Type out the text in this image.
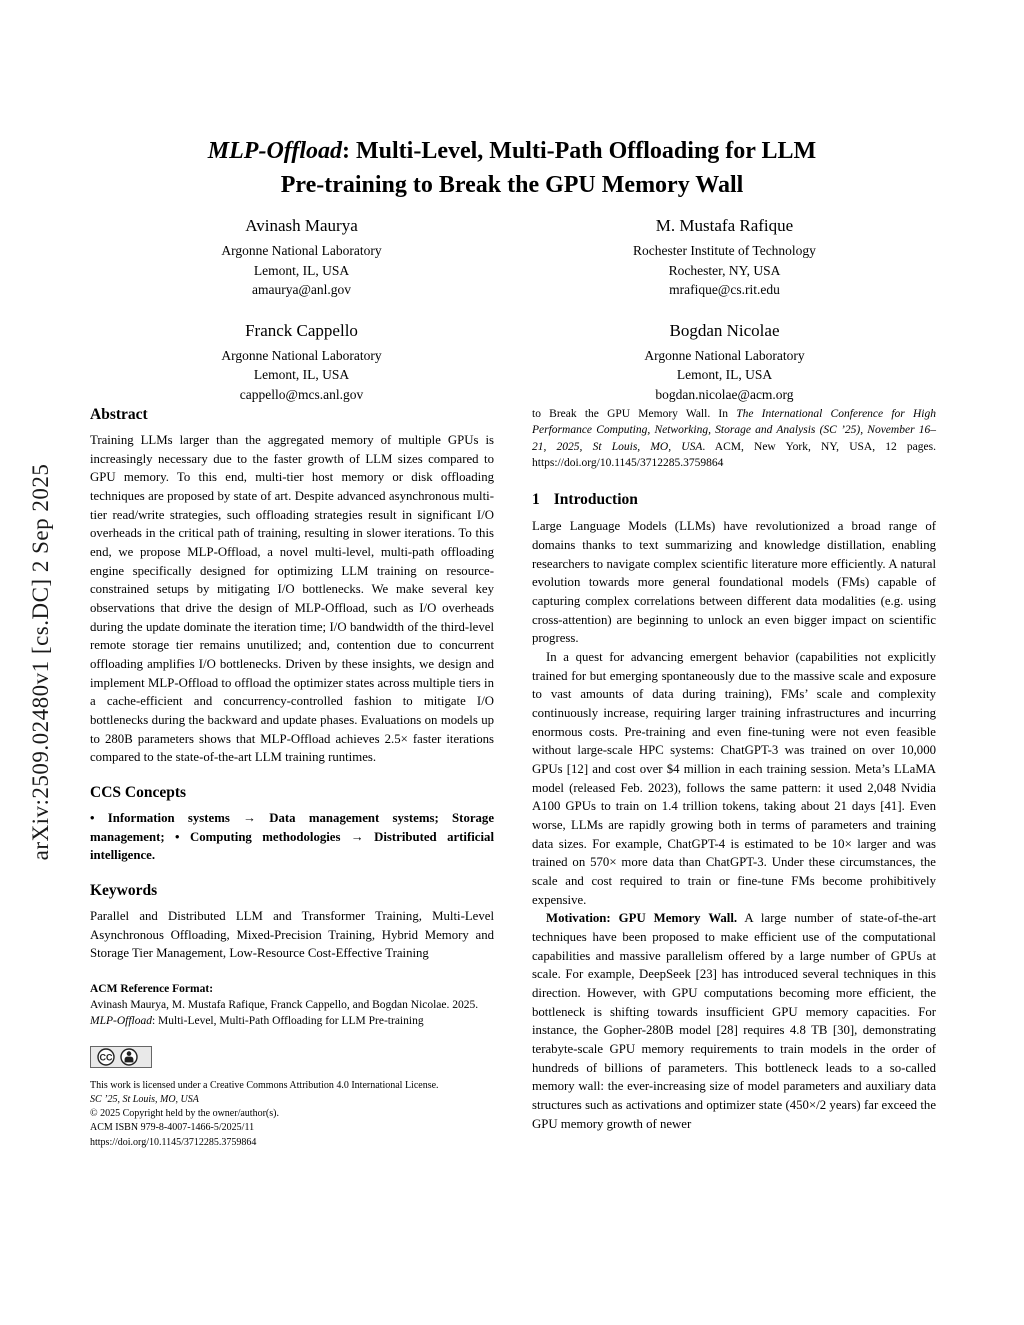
arXiv:2509.02480v1 [cs.DC] 2 Sep 2025
MLP-Offload: Multi-Level, Multi-Path Offloading for LLM
Pre-training to Break the GPU Memory Wall
Avinash Maurya
Argonne National Laboratory
Lemont, IL, USA
amaurya@anl.gov
M. Mustafa Rafique
Rochester Institute of Technology
Rochester, NY, USA
mrafique@cs.rit.edu
Franck Cappello
Argonne National Laboratory
Lemont, IL, USA
cappello@mcs.anl.gov
Bogdan Nicolae
Argonne National Laboratory
Lemont, IL, USA
bogdan.nicolae@acm.org
Abstract

Training LLMs larger than the aggregated memory of multiple GPUs is increasingly necessary due to the faster growth of LLM sizes compared to GPU memory. To this end, multi-tier host memory or disk offloading techniques are proposed by state of art. Despite advanced asynchronous multi-tier read/write strategies, such offloading strategies result in significant I/O overheads in the critical path of training, resulting in slower iterations. To this end, we propose MLP-Offload, a novel multi-level, multi-path offloading engine specifically designed for optimizing LLM training on resource-constrained setups by mitigating I/O bottlenecks. We make several key observations that drive the design of MLP-Offload, such as I/O overheads during the update dominate the iteration time; I/O bandwidth of the third-level remote storage tier remains unutilized; and, contention due to concurrent offloading amplifies I/O bottlenecks. Driven by these insights, we design and implement MLP-Offload to offload the optimizer states across multiple tiers in a cache-efficient and concurrency-controlled fashion to mitigate I/O bottlenecks during the backward and update phases. Evaluations on models up to 280B parameters shows that MLP-Offload achieves 2.5× faster iterations compared to the state-of-the-art LLM training runtimes.

CCS Concepts

• Information systems → Data management systems; Storage management; • Computing methodologies → Distributed artificial intelligence.

Keywords

Parallel and Distributed LLM and Transformer Training, Multi-Level Asynchronous Offloading, Mixed-Precision Training, Hybrid Memory and Storage Tier Management, Low-Resource Cost-Effective Training

ACM Reference Format:

Avinash Maurya, M. Mustafa Rafique, Franck Cappello, and Bogdan Nicolae. 2025. MLP-Offload: Multi-Level, Multi-Path Offloading for LLM Pre-training

CC

This work is licensed under a Creative Commons Attribution 4.0 International License.

SC ’25, St Louis, MO, USA

© 2025 Copyright held by the owner/author(s).

ACM ISBN 979-8-4007-1466-5/2025/11

https://doi.org/10.1145/3712285.3759864

to Break the GPU Memory Wall. In The International Conference for High Performance Computing, Networking, Storage and Analysis (SC ’25), November 16–21, 2025, St Louis, MO, USA. ACM, New York, NY, USA, 12 pages. https://doi.org/10.1145/3712285.3759864

1 Introduction

Large Language Models (LLMs) have revolutionized a broad range of domains thanks to text summarizing and knowledge distillation, enabling researchers to navigate complex scientific literature more efficiently. A natural evolution towards more general foundational models (FMs) capable of capturing complex correlations between different data modalities (e.g. using cross-attention) are beginning to unlock an even bigger impact on scientific progress.

In a quest for advancing emergent behavior (capabilities not explicitly trained for but emerging spontaneously due to the massive scale and exposure to vast amounts of data during training), FMs’ scale and complexity continuously increase, requiring larger training infrastructures and incurring enormous costs. Pre-training and even fine-tuning were not even feasible without large-scale HPC systems: ChatGPT-3 was trained on over 10,000 GPUs [12] and cost over $4 million in each training session. Meta’s LLaMA model (released Feb. 2023), follows the same pattern: it used 2,048 Nvidia A100 GPUs to train on 1.4 trillion tokens, taking about 21 days [41]. Even worse, LLMs are rapidly growing both in terms of parameters and training data sizes. For example, ChatGPT-4 is estimated to be 10× larger and was trained on 570× more data than ChatGPT-3. Under these circumstances, the scale and cost required to train or fine-tune FMs become prohibitively expensive.

Motivation: GPU Memory Wall. A large number of state-of-the-art techniques have been proposed to make efficient use of the computational capabilities and massive parallelism offered by a large number of GPUs at scale. For example, DeepSeek [23] has introduced several techniques in this direction. However, with GPU computations becoming more efficient, the bottleneck is shifting towards insufficient GPU memory capacities. For instance, the Gopher-280B model [28] requires 4.8 TB [30], demonstrating terabyte-scale GPU memory requirements to train models in the order of hundreds of billions of parameters. This bottleneck leads to a so-called memory wall: the ever-increasing size of model parameters and auxiliary data structures such as activations and optimizer state (450×/2 years) far exceed the GPU memory growth of newer
